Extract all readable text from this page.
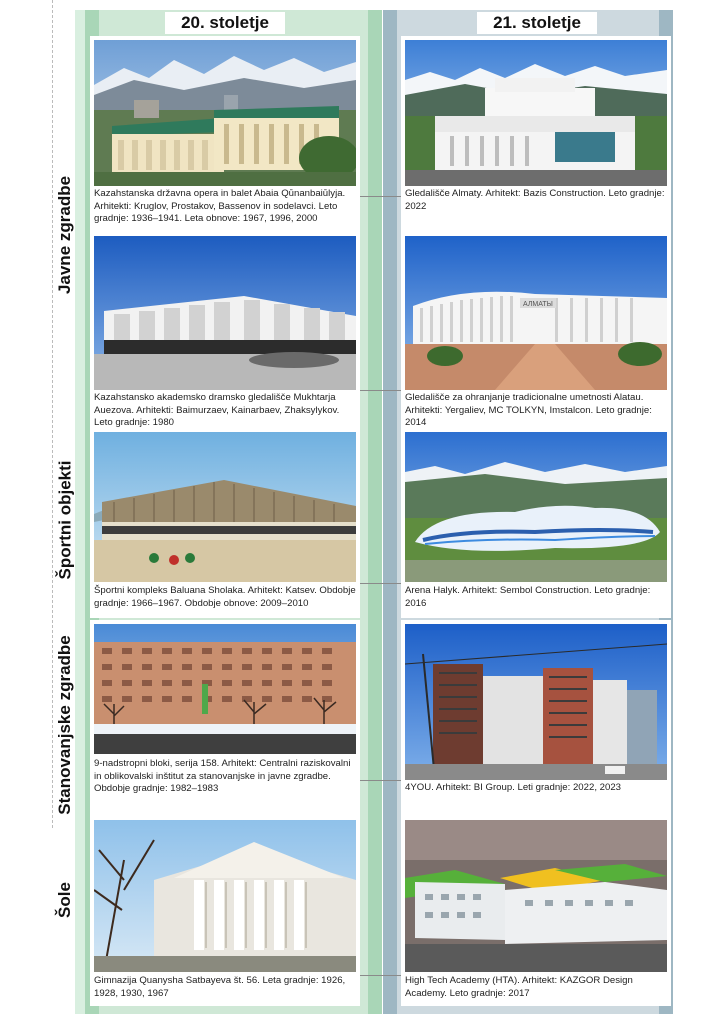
20. stoletje	21. stoletje
Javne zgradbe
Športni objekti
Stanovanjske zgradbe
Šole
Kazahstanska državna opera in balet Abaia Qūnanbaiūlyja. Arhitekti: Kruglov, Prostakov, Bassenov in sodelavci. Leto gradnje: 1936–1941. Leta obnove: 1967, 1996, 2000
Gledališče Almaty. Arhitekt: Bazis Construction. Leto gradnje: 2022
Kazahstansko akademsko dramsko gledališče Mukhtarja Auezova. Arhitekti: Baimurzaev, Kainarbaev, Zhaksylykov. Leto gradnje: 1980
АЛМАТЫ
Gledališče za ohranjanje tradicionalne umetnosti Alatau. Arhitekti: Yergaliev, MC TOLKYN, Imstalcon. Leto gradnje: 2014
Športni kompleks Baluana Sholaka. Arhitekt: Katsev. Obdobje gradnje: 1966–1967. Obdobje obnove: 2009–2010
Arena Halyk. Arhitekt: Sembol Construction. Leto gradnje: 2016
9-nadstropni bloki, serija 158. Arhitekt: Centralni raziskovalni in oblikovalski inštitut za stanovanjske in javne zgradbe. Obdobje gradnje: 1982–1983	4YOU. Arhitekt: BI Group. Leti gradnje: 2022, 2023
Gimnazija Quanysha Satbayeva št. 56. Leta gradnje: 1926, 1928, 1930, 1967
High Tech Academy (HTA). Arhitekt: KAZGOR Design Academy. Leto gradnje: 2017
